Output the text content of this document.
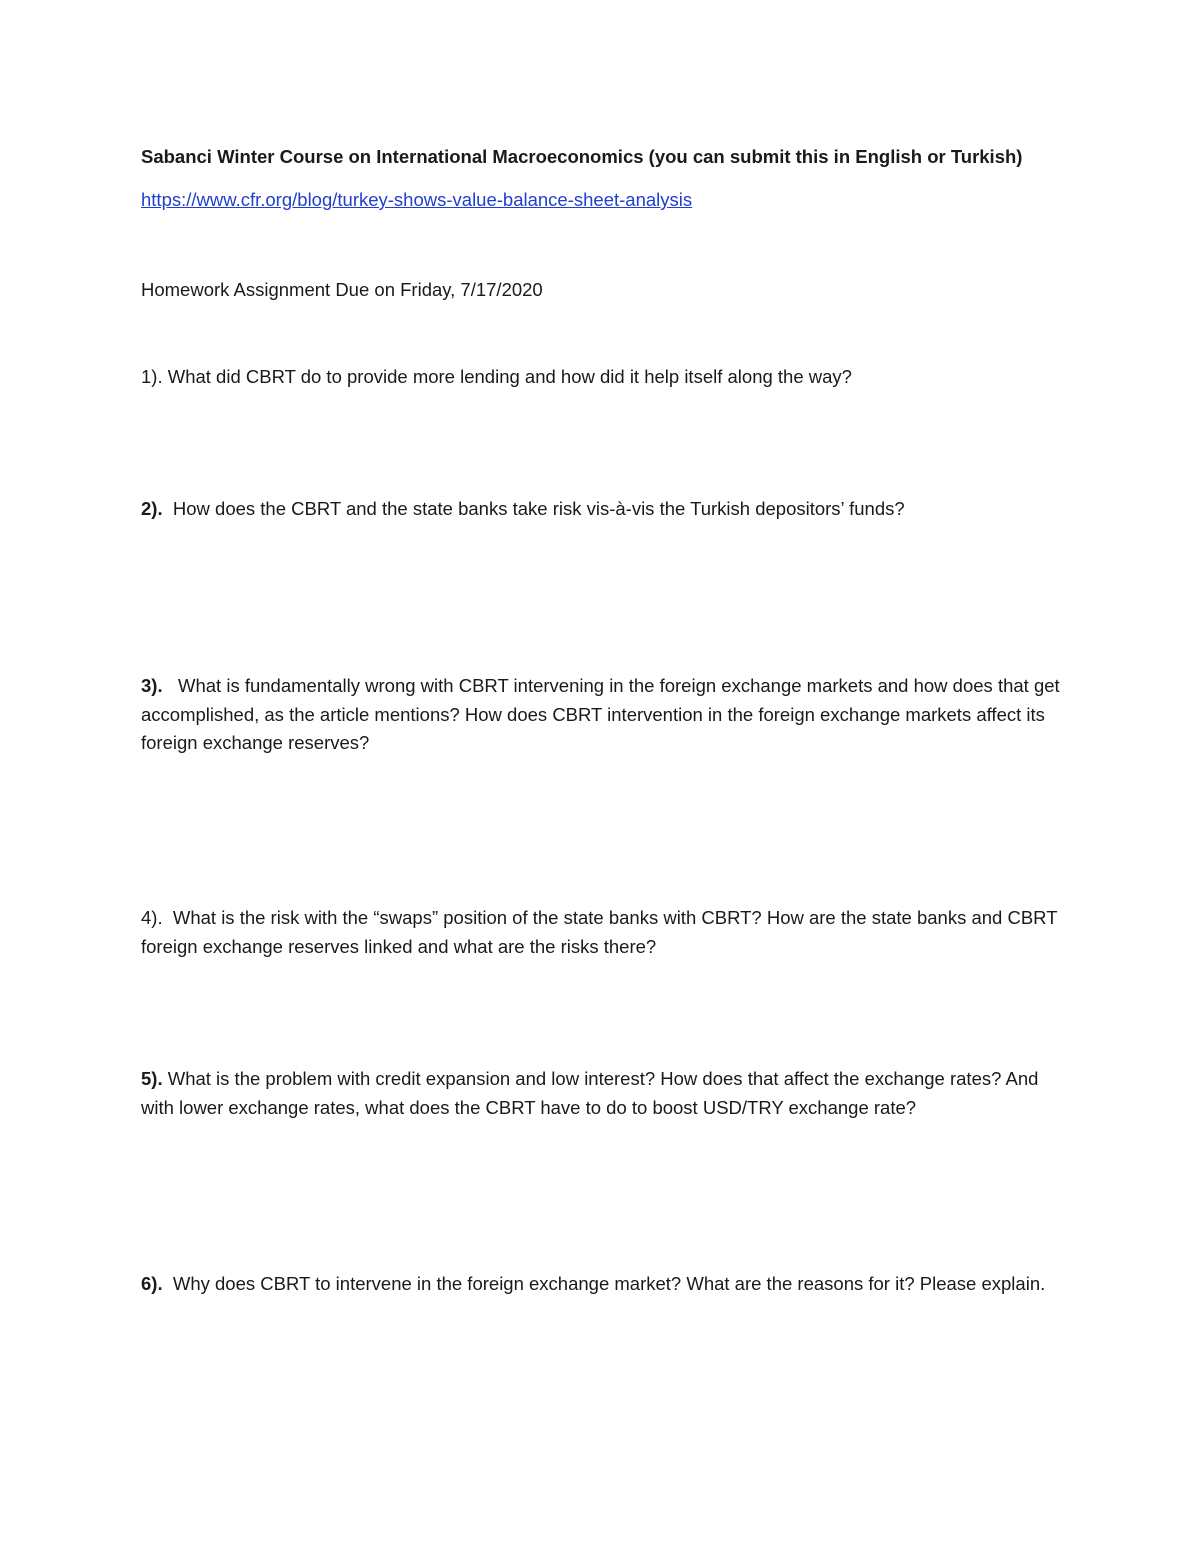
Sabanci Winter Course on International Macroeconomics (you can submit this in English or Turkish)

https://www.cfr.org/blog/turkey-shows-value-balance-sheet-analysis

Homework Assignment Due on Friday, 7/17/2020

1). What did CBRT do to provide more lending and how did it help itself along the way?

2). How does the CBRT and the state banks take risk vis-à-vis the Turkish depositors’ funds?

3). What is fundamentally wrong with CBRT intervening in the foreign exchange markets and how does that get accomplished, as the article mentions? How does CBRT intervention in the foreign exchange markets affect its foreign exchange reserves?

4). What is the risk with the “swaps” position of the state banks with CBRT? How are the state banks and CBRT foreign exchange reserves linked and what are the risks there?

5). What is the problem with credit expansion and low interest? How does that affect the exchange rates? And with lower exchange rates, what does the CBRT have to do to boost USD/TRY exchange rate?

6). Why does CBRT to intervene in the foreign exchange market? What are the reasons for it? Please explain.
